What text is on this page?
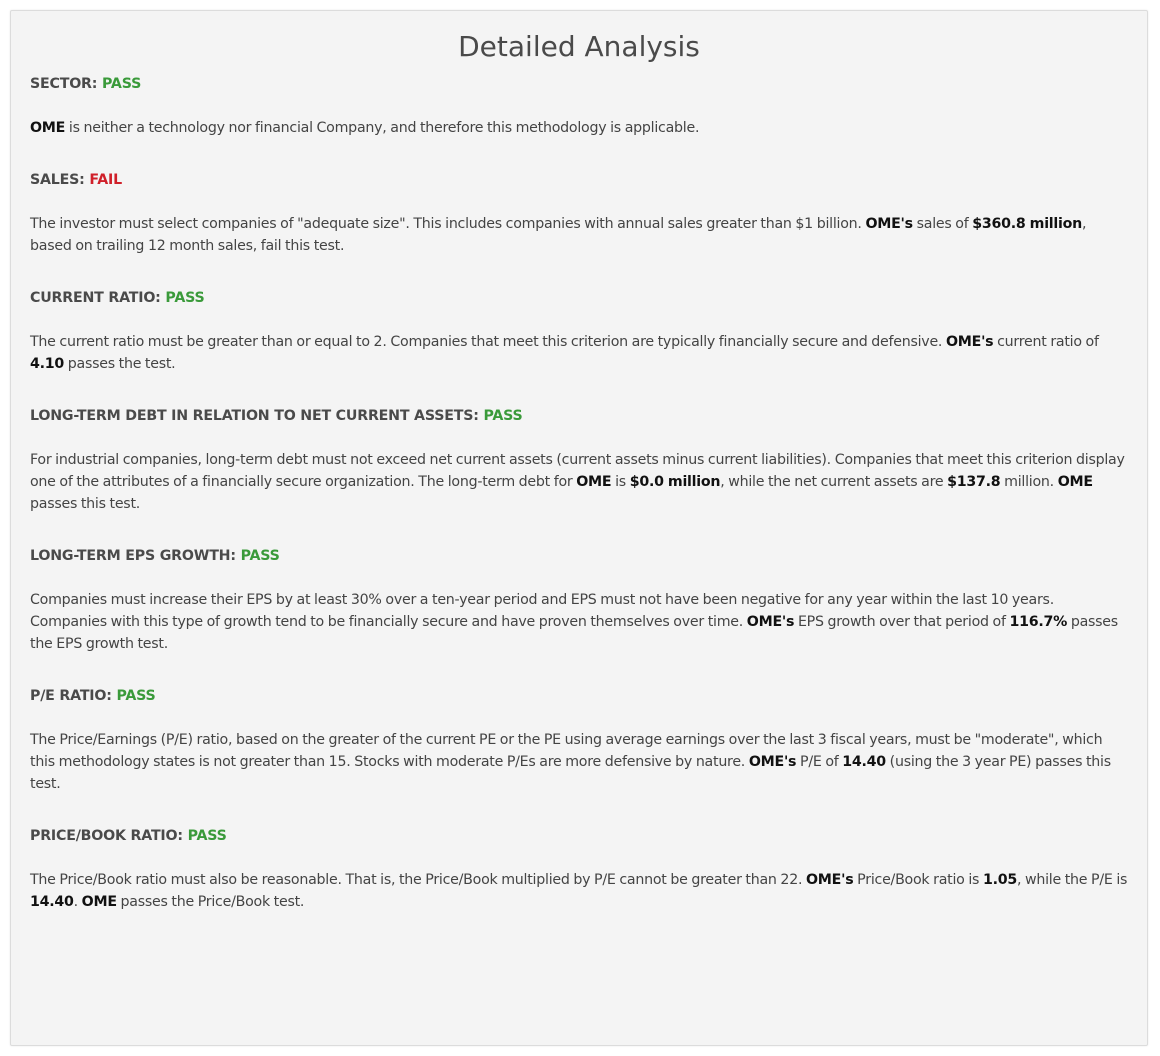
Detailed Analysis

SECTOR: PASS

OME is neither a technology nor financial Company, and therefore this methodology is applicable.

SALES: FAIL

The investor must select companies of "adequate size". This includes companies with annual sales greater than $1 billion. OME's sales of $360.8 million, based on trailing 12 month sales, fail this test.

CURRENT RATIO: PASS

The current ratio must be greater than or equal to 2. Companies that meet this criterion are typically financially secure and defensive. OME's current ratio of 4.10 passes the test.

LONG-TERM DEBT IN RELATION TO NET CURRENT ASSETS: PASS

For industrial companies, long-term debt must not exceed net current assets (current assets minus current liabilities). Companies that meet this criterion display one of the attributes of a financially secure organization. The long-term debt for OME is $0.0 million, while the net current assets are $137.8 million. OME passes this test.

LONG-TERM EPS GROWTH: PASS

Companies must increase their EPS by at least 30% over a ten-year period and EPS must not have been negative for any year within the last 10 years. Companies with this type of growth tend to be financially secure and have proven themselves over time. OME's EPS growth over that period of 116.7% passes the EPS growth test.

P/E RATIO: PASS

The Price/Earnings (P/E) ratio, based on the greater of the current PE or the PE using average earnings over the last 3 fiscal years, must be "moderate", which this methodology states is not greater than 15. Stocks with moderate P/Es are more defensive by nature. OME's P/E of 14.40 (using the 3 year PE) passes this test.

PRICE/BOOK RATIO: PASS

The Price/Book ratio must also be reasonable. That is, the Price/Book multiplied by P/E cannot be greater than 22. OME's Price/Book ratio is 1.05, while the P/E is 14.40. OME passes the Price/Book test.
